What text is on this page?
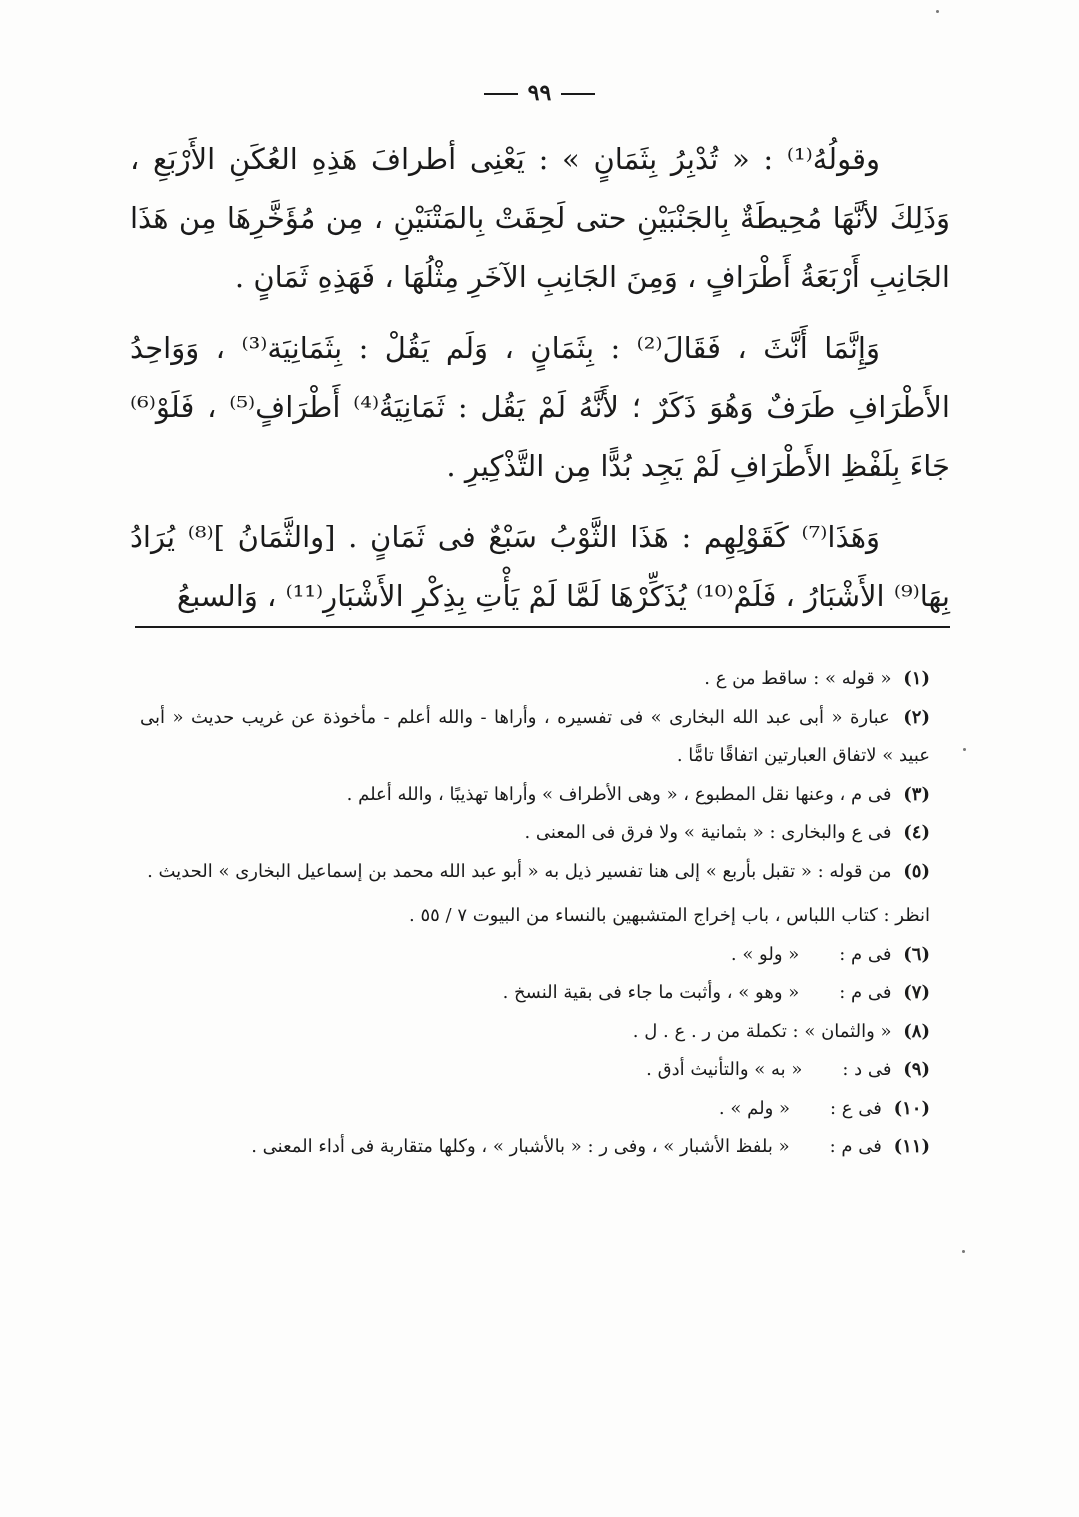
٩٩

وقولُهُ⁽¹⁾ : « تُدْبِرُ بِثَمَانٍ » : يَعْنِى أطرافَ هَذِهِ العُكَنِ الأَرْبَعِ ، وَذَلِكَ لأنَّهَا مُحِيطَةٌ بِالجَنْبَيْنِ حتى لَحِقَتْ بِالمَتْنَيْنِ ، مِن مُؤَخَّرِهَا مِن هَذَا الجَانِبِ أَرْبَعَةُ أَطْرَافٍ ، وَمِنَ الجَانِبِ الآخَرِ مِثْلُهَا ، فَهَذِهِ ثَمَانٍ .

وَإِنَّمَا أَنَّثَ ، فَقَالَ⁽²⁾ : بِثَمَانٍ ، وَلَم يَقُلْ : بِثَمَانِيَة⁽³⁾ ، وَوَاحِدُ الأَطْرَافِ طَرَفٌ وَهُوَ ذَكَرٌ ؛ لأَنَّهُ لَمْ يَقُل : ثَمَانِيَةُ⁽⁴⁾ أَطْرَافٍ⁽⁵⁾ ، فَلَوْ⁽⁶⁾ جَاءَ بِلَفْظِ الأَطْرَافِ لَمْ يَجِد بُدًّا مِن التَّذْكِيرِ .

وَهَذَا⁽⁷⁾ كَقَوْلِهِم : هَذَا الثَّوْبُ سَبْعٌ فى ثَمَانٍ . [والثَّمَانُ ]⁽⁸⁾ يُرَادُ بِهَا⁽⁹⁾ الأَشْبَارُ ، فَلَمْ⁽¹⁰⁾ يُذَكِّرْهَا لَمَّا لَمْ يَأْتِ بِذِكْرِ الأَشْبَارِ⁽¹¹⁾ ، وَالسبعُ

(١) « قوله » : ساقط من ع .

(٢) عبارة « أبى عبد الله البخارى » فى تفسيره ، وأراها - والله أعلم - مأخوذة عن غريب حديث « أبى عبيد » لاتفاق العبارتين اتفاقًا تامًّا .

(٣) فى م ، وعنها نقل المطبوع ، « وهى الأطراف » وأراها تهذيبًا ، والله أعلم .

(٤) فى ع والبخارى : « بثمانية » ولا فرق فى المعنى .

(٥) من قوله : « تقبل بأربع » إلى هنا تفسير ذيل به « أبو عبد الله محمد بن إسماعيل البخارى » الحديث .

انظر : كتاب اللباس ، باب إخراج المتشبهين بالنساء من البيوت ٧ / ٥٥ .

(٦) فى م :« ولو » .

(٧) فى م :« وهو » ، وأثبت ما جاء فى بقية النسخ .

(٨) « والثمان » : تكملة من ر . ع . ل .

(٩) فى د :« به » والتأنيث أدق .

(١٠) فى ع :« ولم » .

(١١) فى م :« بلفظ الأشبار » ، وفى ر : « بالأشبار » ، وكلها متقاربة فى أداء المعنى .
